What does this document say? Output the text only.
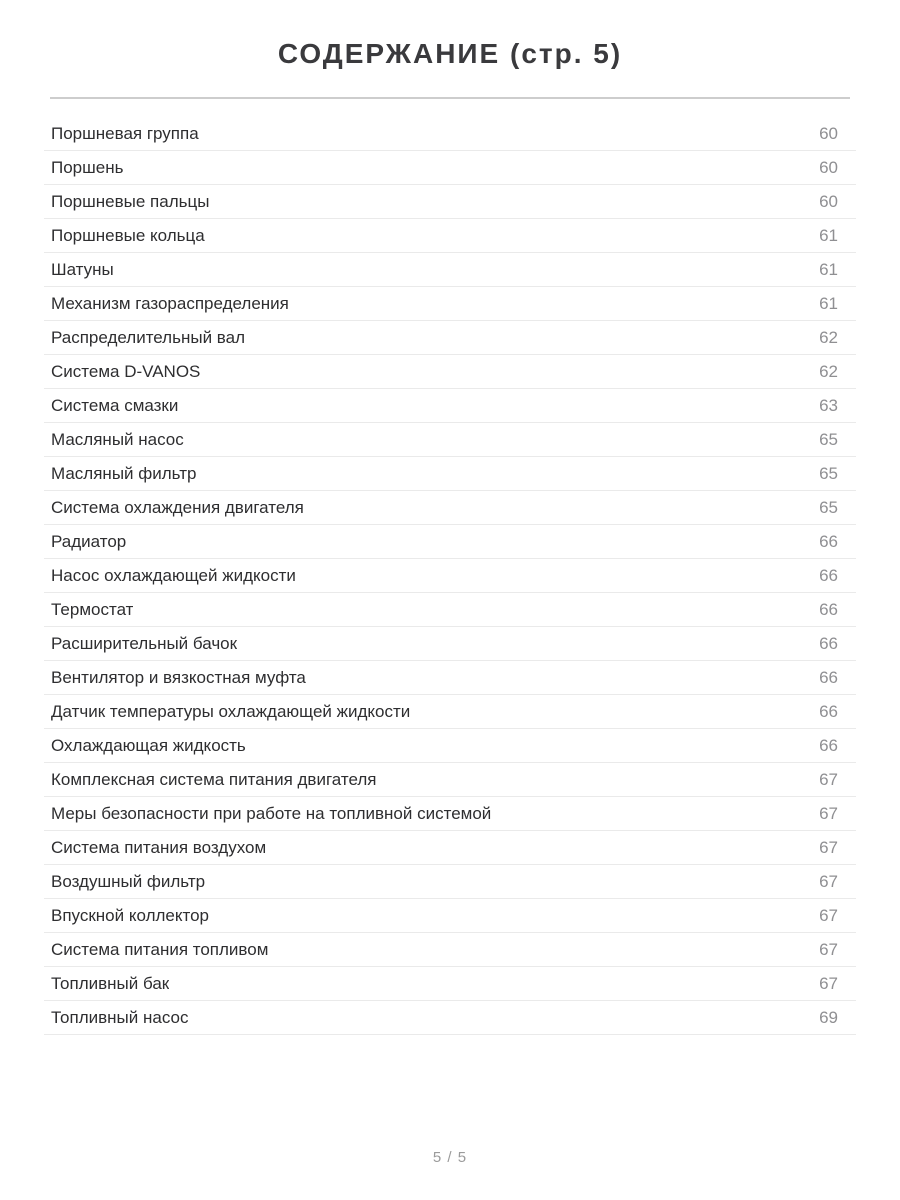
СОДЕРЖАНИЕ (стр. 5)
Поршневая группа	60
Поршень	60
Поршневые пальцы	60
Поршневые кольца	61
Шатуны	61
Механизм газораспределения	61
Распределительный вал	62
Система D-VANOS	62
Система смазки	63
Масляный насос	65
Масляный фильтр	65
Система охлаждения двигателя	65
Радиатор	66
Насос охлаждающей жидкости	66
Термостат	66
Расширительный бачок	66
Вентилятор и вязкостная муфта	66
Датчик температуры охлаждающей жидкости	66
Охлаждающая жидкость	66
Комплексная система питания двигателя	67
Меры безопасности при работе на топливной системой	67
Система питания воздухом	67
Воздушный фильтр	67
Впускной коллектор	67
Система питания топливом	67
Топливный бак	67
Топливный насос	69
5 / 5
